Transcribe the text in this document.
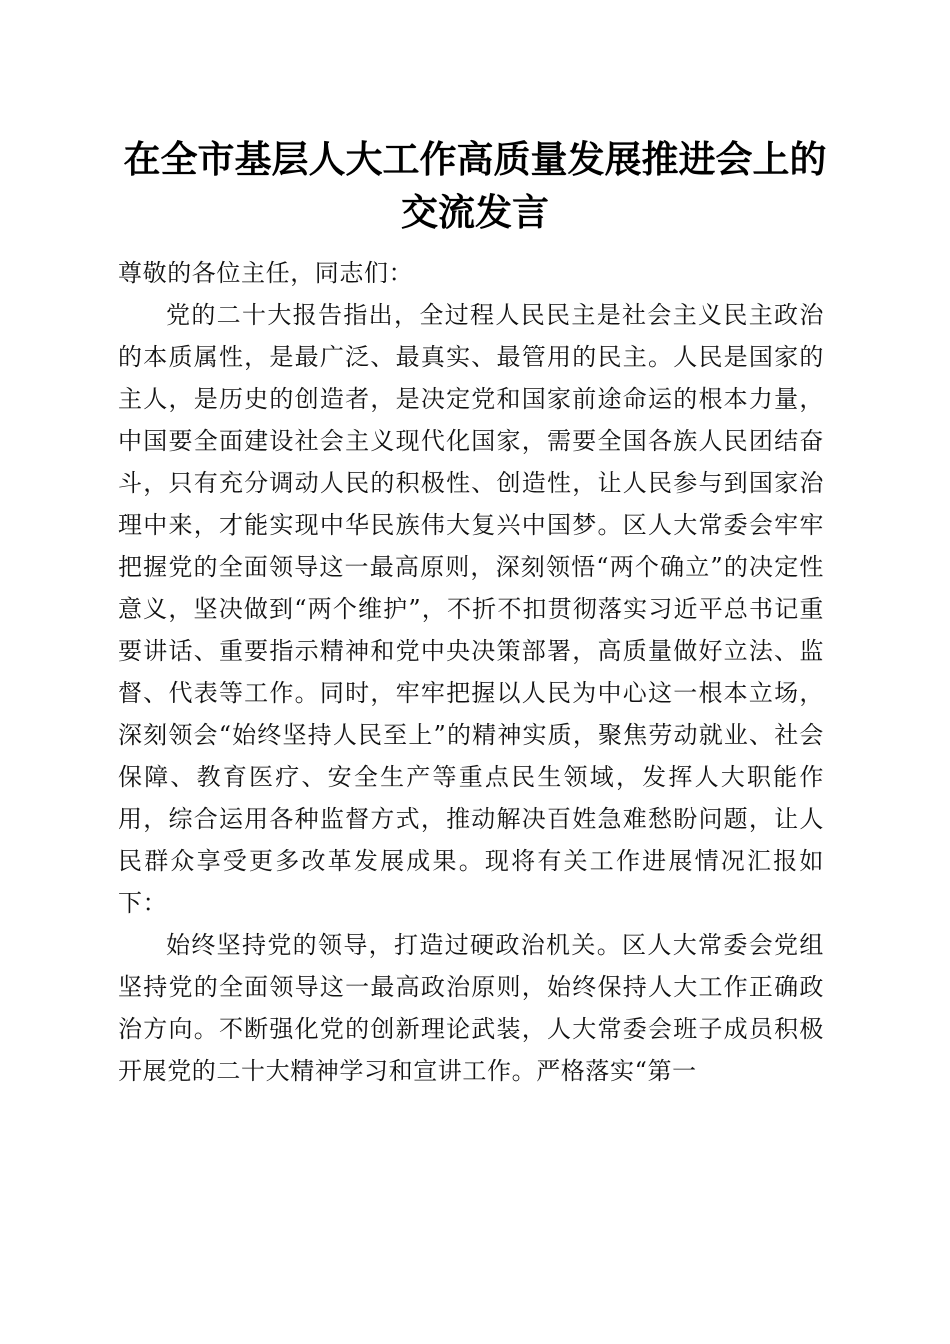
在全市基层人大工作高质量发展推进会上的交流发言

尊敬的各位主任，同志们：

党的二十大报告指出，全过程人民民主是社会主义民主政治的本质属性，是最广泛、最真实、最管用的民主。人民是国家的主人，是历史的创造者，是决定党和国家前途命运的根本力量，中国要全面建设社会主义现代化国家，需要全国各族人民团结奋斗，只有充分调动人民的积极性、创造性，让人民参与到国家治理中来，才能实现中华民族伟大复兴中国梦。区人大常委会牢牢把握党的全面领导这一最高原则，深刻领悟“两个确立”的决定性意义，坚决做到“两个维护”，不折不扣贯彻落实习近平总书记重要讲话、重要指示精神和党中央决策部署，高质量做好立法、监督、代表等工作。同时，牢牢把握以人民为中心这一根本立场，深刻领会“始终坚持人民至上”的精神实质，聚焦劳动就业、社会保障、教育医疗、安全生产等重点民生领域，发挥人大职能作用，综合运用各种监督方式，推动解决百姓急难愁盼问题，让人民群众享受更多改革发展成果。现将有关工作进展情况汇报如下：

始终坚持党的领导，打造过硬政治机关。区人大常委会党组坚持党的全面领导这一最高政治原则，始终保持人大工作正确政治方向。不断强化党的创新理论武装，人大常委会班子成员积极开展党的二十大精神学习和宣讲工作。严格落实“第一
